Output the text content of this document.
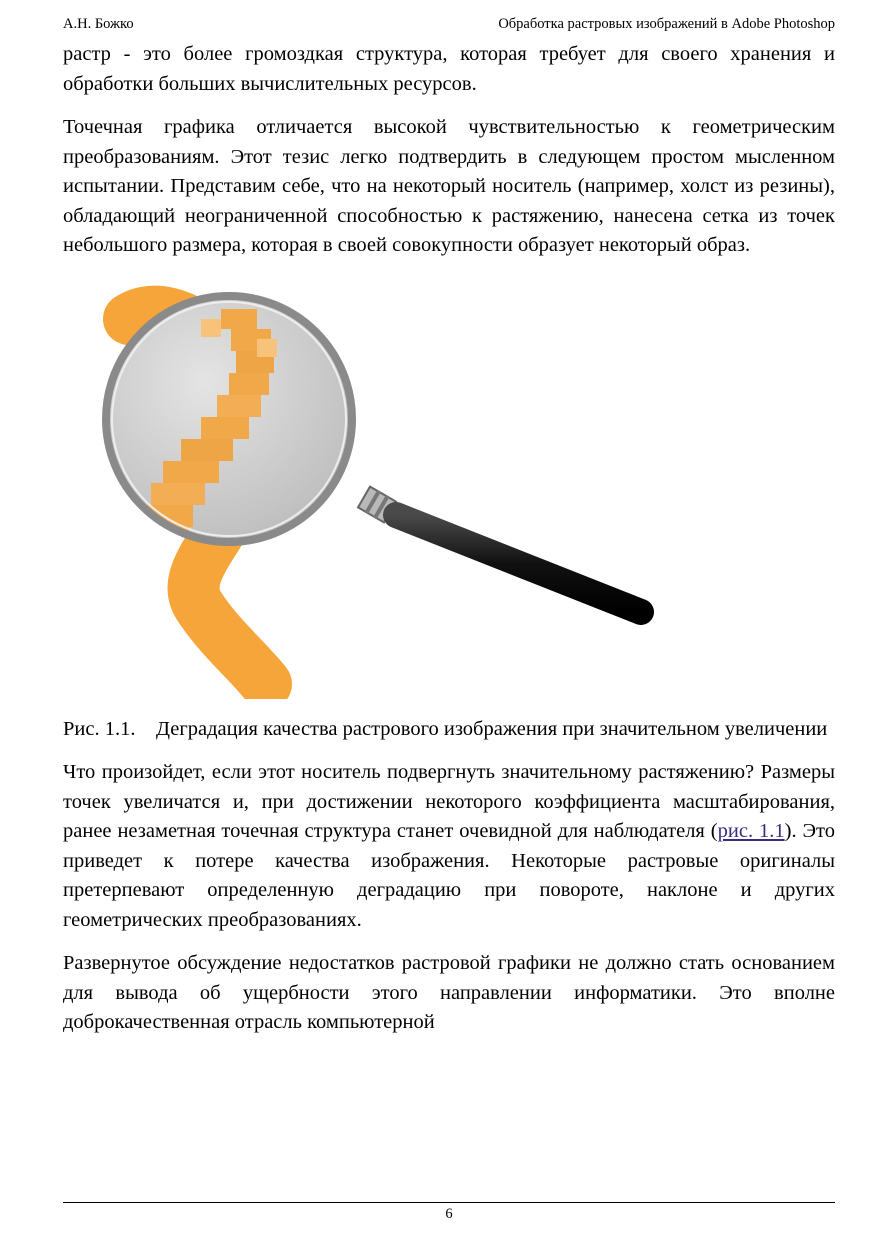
А.Н. Божко	Обработка растровых изображений в Adobe Photoshop

растр - это более громоздкая структура, которая требует для своего хранения и обработки больших вычислительных ресурсов.

Точечная графика отличается высокой чувствительностью к геометрическим преобразованиям. Этот тезис легко подтвердить в следующем простом мысленном испытании. Представим себе, что на некоторый носитель (например, холст из резины), обладающий неограниченной способностью к растяжению, нанесена сетка из точек небольшого размера, которая в своей совокупности образует некоторый образ.

Рис. 1.1. Деградация качества растрового изображения при значительном увеличении

Что произойдет, если этот носитель подвергнуть значительному растяжению? Размеры точек увеличатся и, при достижении некоторого коэффициента масштабирования, ранее незаметная точечная структура станет очевидной для наблюдателя (рис. 1.1). Это приведет к потере качества изображения. Некоторые растровые оригиналы претерпевают определенную деградацию при повороте, наклоне и других геометрических преобразованиях.

Развернутое обсуждение недостатков растровой графики не должно стать основанием для вывода об ущербности этого направлении информатики. Это вполне доброкачественная отрасль компьютерной

6
